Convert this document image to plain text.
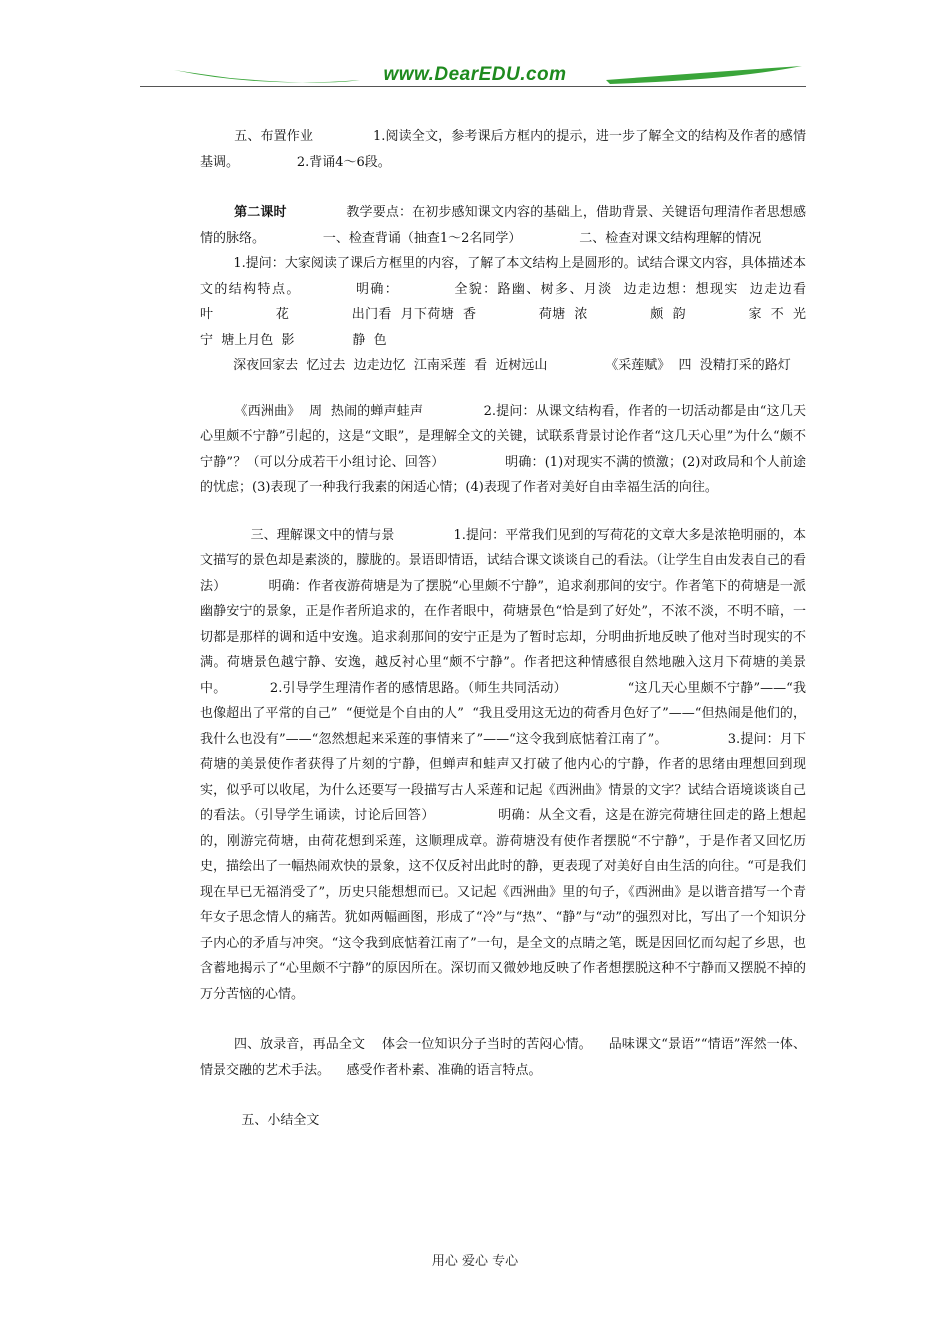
www.DearEDU.com

五、布置作业              1.阅读全文，参考课后方框内的提示，进一步了解全文的结构及作者的感情基调。              2.背诵4～6段。

第二课时              教学要点：在初步感知课文内容的基础上，借助背景、关键语句理清作者思想感情的脉络。              一、检查背诵（抽查1～2名同学）              二、检查对课文结构理解的情况

1.提问：大家阅读了课后方框里的内容，了解了本文结构上是圆形的。试结合课文内容，具体描述本文的结构特点。          明确：          全貌：路幽、树多、月淡  边走边想：想现实  边走边看                      叶              花              出门看  月下荷塘  香              荷塘  浓              颇  韵              家  不  光              宁  塘上月色  影              静  色

深夜回家去  忆过去  边走边忆  江南采莲  看  近树远山              《采莲赋》  四  没精打采的路灯

《西洲曲》  周  热闹的蝉声蛙声              2.提问：从课文结构看，作者的一切活动都是由“这几天心里颇不宁静”引起的，这是“文眼”，是理解全文的关键，试联系背景讨论作者“这几天心里”为什么“颇不宁静”？（可以分成若干小组讨论、回答）              明确：(1)对现实不满的愤激；(2)对政局和个人前途的忧虑；(3)表现了一种我行我素的闲适心情；(4)表现了作者对美好自由幸福生活的向往。

三、理解课文中的情与景              1.提问：平常我们见到的写荷花的文章大多是浓艳明丽的，本文描写的景色却是素淡的，朦胧的。景语即情语，试结合课文谈谈自己的看法。（让学生自由发表自己的看法）          明确：作者夜游荷塘是为了摆脱“心里颇不宁静”，追求刹那间的安宁。作者笔下的荷塘是一派幽静安宁的景象，正是作者所追求的，在作者眼中，荷塘景色“恰是到了好处”，不浓不淡，不明不暗，一切都是那样的调和适中安逸。追求刹那间的安宁正是为了暂时忘却，分明曲折地反映了他对当时现实的不满。荷塘景色越宁静、安逸，越反衬心里“颇不宁静”。作者把这种情感很自然地融入这月下荷塘的美景中。          2.引导学生理清作者的感情思路。（师生共同活动）              “这几天心里颇不宁静”——“我也像超出了平常的自己”  “便觉是个自由的人”  “我且受用这无边的荷香月色好了”——“但热闹是他们的，我什么也没有”——“忽然想起来采莲的事情来了”——“这令我到底惦着江南了”。              3.提问：月下荷塘的美景使作者获得了片刻的宁静，但蝉声和蛙声又打破了他内心的宁静，作者的思绪由理想回到现实，似乎可以收尾，为什么还要写一段描写古人采莲和记起《西洲曲》情景的文字？试结合语境谈谈自己的看法。（引导学生诵读，讨论后回答）              明确：从全文看，这是在游完荷塘往回走的路上想起的，刚游完荷塘，由荷花想到采莲，这顺理成章。游荷塘没有使作者摆脱“不宁静”，于是作者又回忆历史，描绘出了一幅热闹欢快的景象，这不仅反衬出此时的静，更表现了对美好自由生活的向往。“可是我们现在早已无福消受了”，历史只能想想而已。又记起《西洲曲》里的句子，《西洲曲》是以谐音措写一个青年女子思念情人的痛苦。犹如两幅画图，形成了“冷”与“热”、“静”与“动”的强烈对比，写出了一个知识分子内心的矛盾与冲突。“这令我到底惦着江南了”一句，是全文的点睛之笔，既是因回忆而勾起了乡思，也含蓄地揭示了“心里颇不宁静”的原因所在。深切而又微妙地反映了作者想摆脱这种不宁静而又摆脱不掉的万分苦恼的心情。

四、放录音，再品全文    体会一位知识分子当时的苦闷心情。    品味课文“景语”“情语”浑然一体、情景交融的艺术手法。    感受作者朴素、准确的语言特点。

五、小结全文

用心 爱心 专心
